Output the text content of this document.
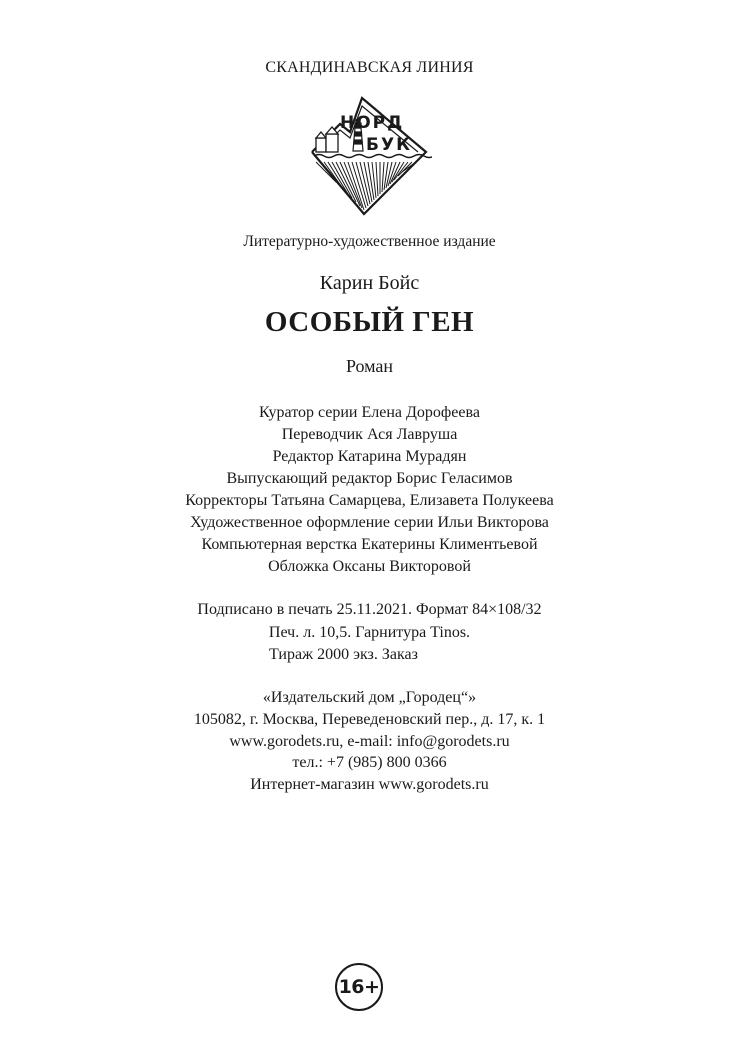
СКАНДИНАВСКАЯ ЛИНИЯ
НОРД
БУК
Литературно-художественное издание
Карин Бойс
ОСОБЫЙ ГЕН
Роман
Куратор серии Елена Дорофеева
Переводчик Ася Лавруша
Редактор Катарина Мурадян
Выпускающий редактор Борис Геласимов
Корректоры Татьяна Самарцева, Елизавета Полукеева
Художественное оформление серии Ильи Викторова
Компьютерная верстка Екатерины Климентьевой
Обложка Оксаны Викторовой
Подписано в печать 25.11.2021. Формат 84×108/32
Печ. л. 10,5. Гарнитура Tinos.
Тираж 2000 экз. Заказ
«Издательский дом „Городец“»
105082, г. Москва, Переведеновский пер., д. 17, к. 1
www.gorodets.ru, e-mail: info@gorodets.ru
тел.: +7 (985) 800 0366
Интернет-магазин www.gorodets.ru
16+
